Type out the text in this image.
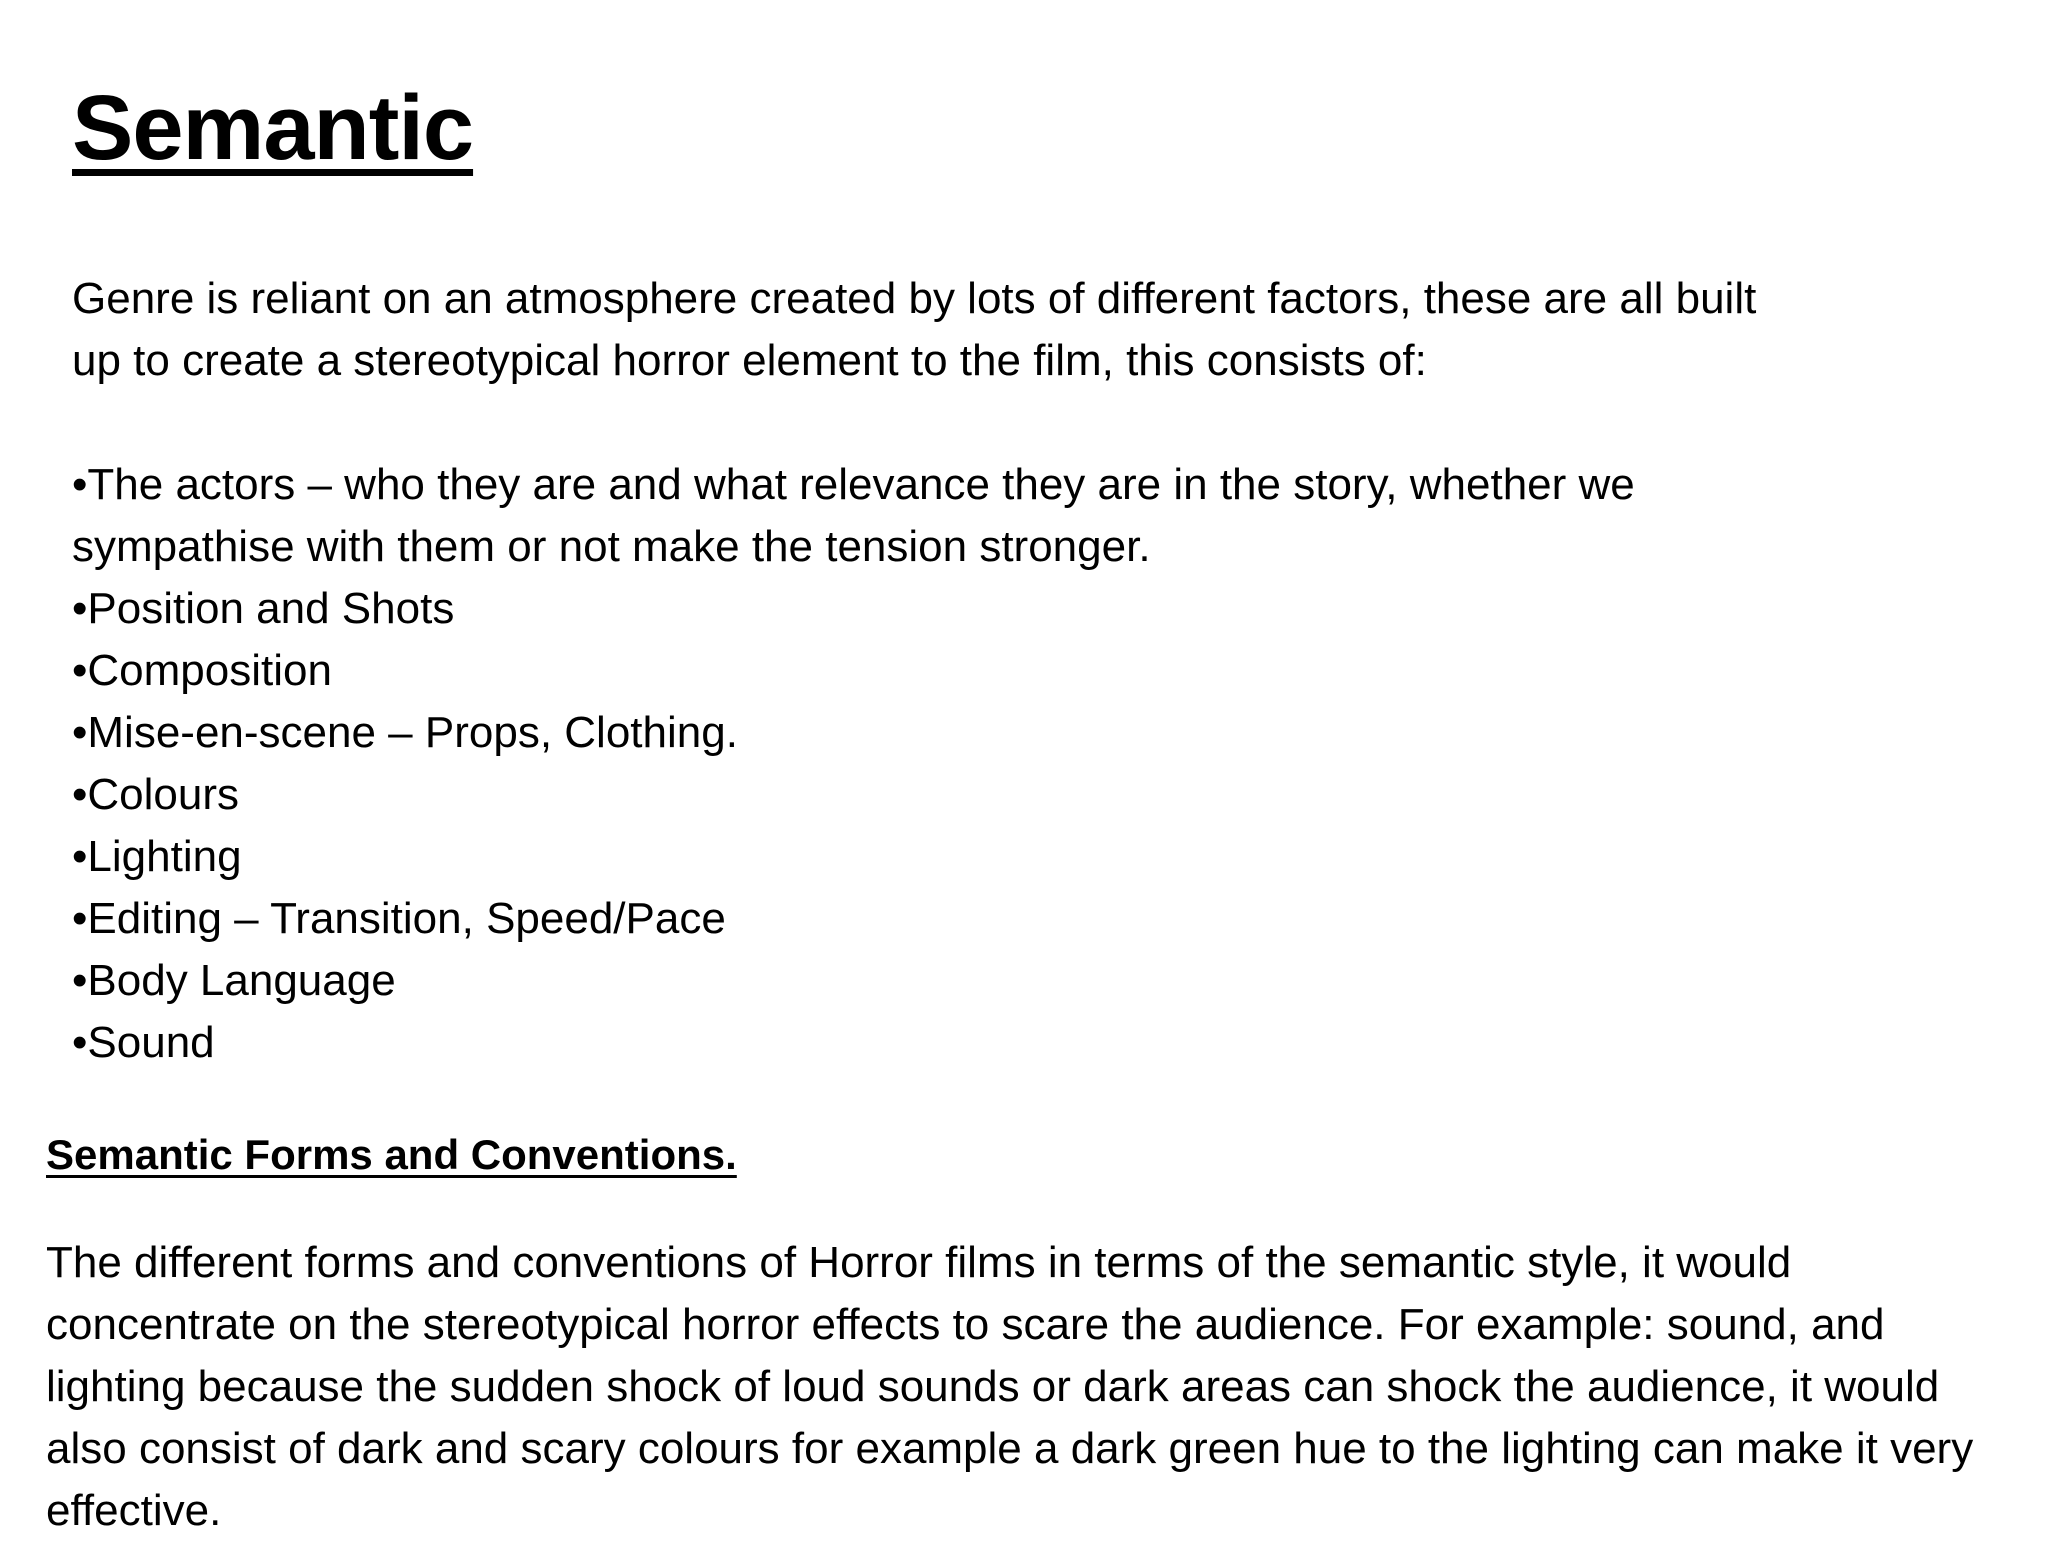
Semantic

Genre is reliant on an atmosphere created by lots of different factors, these are all built up to create a stereotypical horror element to the film, this consists of:

•The actors – who they are and what relevance they are in the story, whether we sympathise with them or not make the tension stronger.
•Position and Shots
•Composition
•Mise-en-scene – Props, Clothing.
•Colours
•Lighting
•Editing – Transition, Speed/Pace
•Body Language
•Sound
Semantic Forms and Conventions.

The different forms and conventions of Horror films in terms of the semantic style, it would concentrate on the stereotypical horror effects to scare the audience. For example: sound, and lighting because the sudden shock of loud sounds or dark areas can shock the audience, it would also consist of dark and scary colours for example a dark green hue to the lighting can make it very effective.
